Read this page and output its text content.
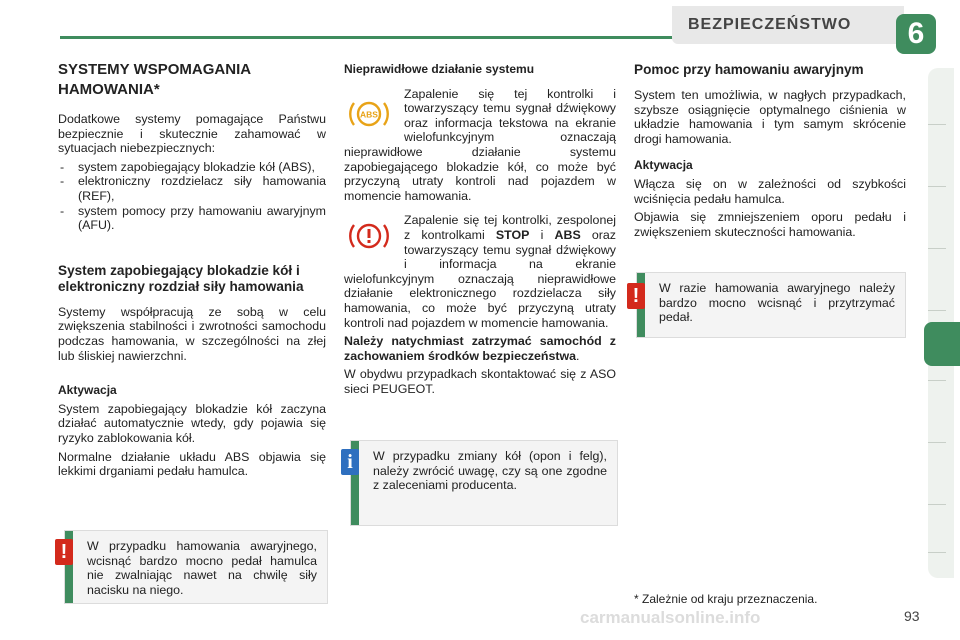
BEZPIECZEŃSTWO	6
SYSTEMY WSPOMAGANIA HAMOWANIA*

Dodatkowe systemy pomagające Państwu bezpiecznie i skutecznie zahamować w sytuacjach niebezpiecznych:

- system zapobiegający blokadzie kół (ABS),
- elektroniczny rozdzielacz siły hamowania (REF),
- system pomocy przy hamowaniu awaryjnym (AFU).
System zapobiegający blokadzie kół i elektroniczny rozdział siły hamowania

Systemy współpracują ze sobą w celu zwiększenia stabilności i zwrotności samochodu podczas hamowania, w szczególności na złej lub śliskiej nawierzchni.

Aktywacja

System zapobiegający blokadzie kół zaczyna działać automatycznie wtedy, gdy pojawia się ryzyko zablokowania kół.

Normalne działanie układu ABS objawia się lekkimi drganiami pedału hamulca.

Nieprawidłowe działanie systemu
ABS

Zapalenie się tej kontrolki i towarzyszący temu sygnał dźwiękowy oraz informacja tekstowa na ekranie wielofunkcyjnym oznaczają nieprawidłowe działanie systemu zapobiegającego blokadzie kół, co może być przyczyną utraty kontroli nad pojazdem w momencie hamowania.

Zapalenie się tej kontrolki, zespolonej z kontrolkami STOP i ABS oraz towarzyszący temu sygnał dźwiękowy i informacja na ekranie wielofunkcyjnym oznaczają nieprawidłowe działanie elektronicznego rozdzielacza siły hamowania, co może być przyczyną utraty kontroli nad pojazdem w momencie hamowania.

Należy natychmiast zatrzymać samochód z zachowaniem środków bezpieczeństwa.

W obydwu przypadkach skontaktować się z ASO sieci PEUGEOT.

Pomoc przy hamowaniu awaryjnym

System ten umożliwia, w nagłych przypadkach, szybsze osiągnięcie optymalnego ciśnienia w układzie hamowania i tym samym skrócenie drogi hamowania.

Aktywacja

Włącza się on w zależności od szybkości wciśnięcia pedału hamulca.

Objawia się zmniejszeniem oporu pedału i zwiększeniem skuteczności hamowania.

!	W przypadku hamowania awaryjnego, wcisnąć bardzo mocno pedał hamulca nie zwalniając nawet na chwilę siły nacisku na niego.
i	W przypadku zmiany kół (opon i felg), należy zwrócić uwagę, czy są one zgodne z zaleceniami producenta.
!	W razie hamowania awaryjnego należy bardzo mocno wcisnąć i przytrzymać pedał.
* Zależnie od kraju przeznaczenia.
carmanualsonline.info	93
